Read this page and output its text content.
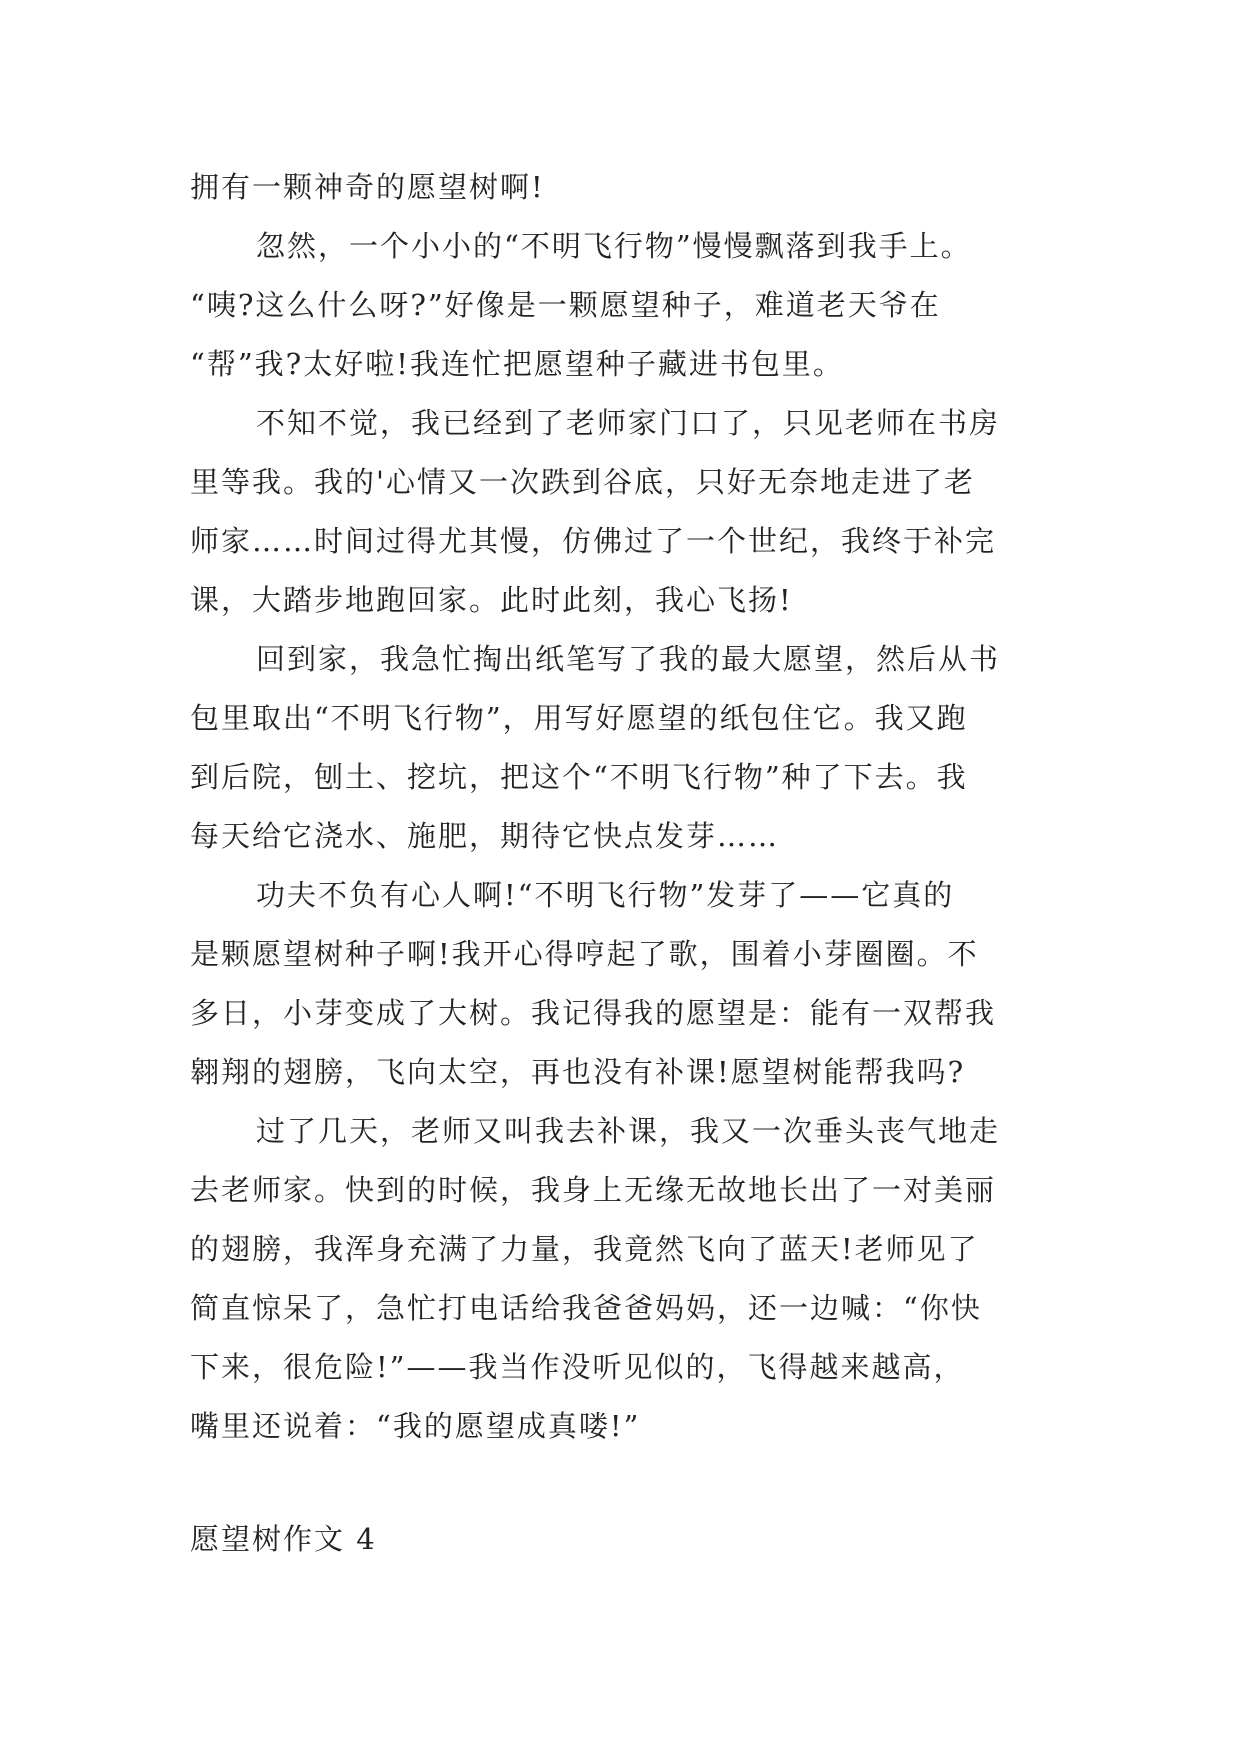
拥有一颗神奇的愿望树啊!
忽然，一个小小的“不明飞行物”慢慢飘落到我手上。
“咦?这么什么呀?”好像是一颗愿望种子，难道老天爷在
“帮”我?太好啦!我连忙把愿望种子藏进书包里。
不知不觉，我已经到了老师家门口了，只见老师在书房
里等我。我的'心情又一次跌到谷底，只好无奈地走进了老
师家……时间过得尤其慢，仿佛过了一个世纪，我终于补完
课，大踏步地跑回家。此时此刻，我心飞扬!
回到家，我急忙掏出纸笔写了我的最大愿望，然后从书
包里取出“不明飞行物”，用写好愿望的纸包住它。我又跑
到后院，刨土、挖坑，把这个“不明飞行物”种了下去。我
每天给它浇水、施肥，期待它快点发芽……
功夫不负有心人啊!“不明飞行物”发芽了——它真的
是颗愿望树种子啊!我开心得哼起了歌，围着小芽圈圈。不
多日，小芽变成了大树。我记得我的愿望是：能有一双帮我
翱翔的翅膀，飞向太空，再也没有补课!愿望树能帮我吗?
过了几天，老师又叫我去补课，我又一次垂头丧气地走
去老师家。快到的时候，我身上无缘无故地长出了一对美丽
的翅膀，我浑身充满了力量，我竟然飞向了蓝天!老师见了
简直惊呆了，急忙打电话给我爸爸妈妈，还一边喊：“你快
下来，很危险!”——我当作没听见似的，飞得越来越高，
嘴里还说着：“我的愿望成真喽!”
愿望树作文 4
